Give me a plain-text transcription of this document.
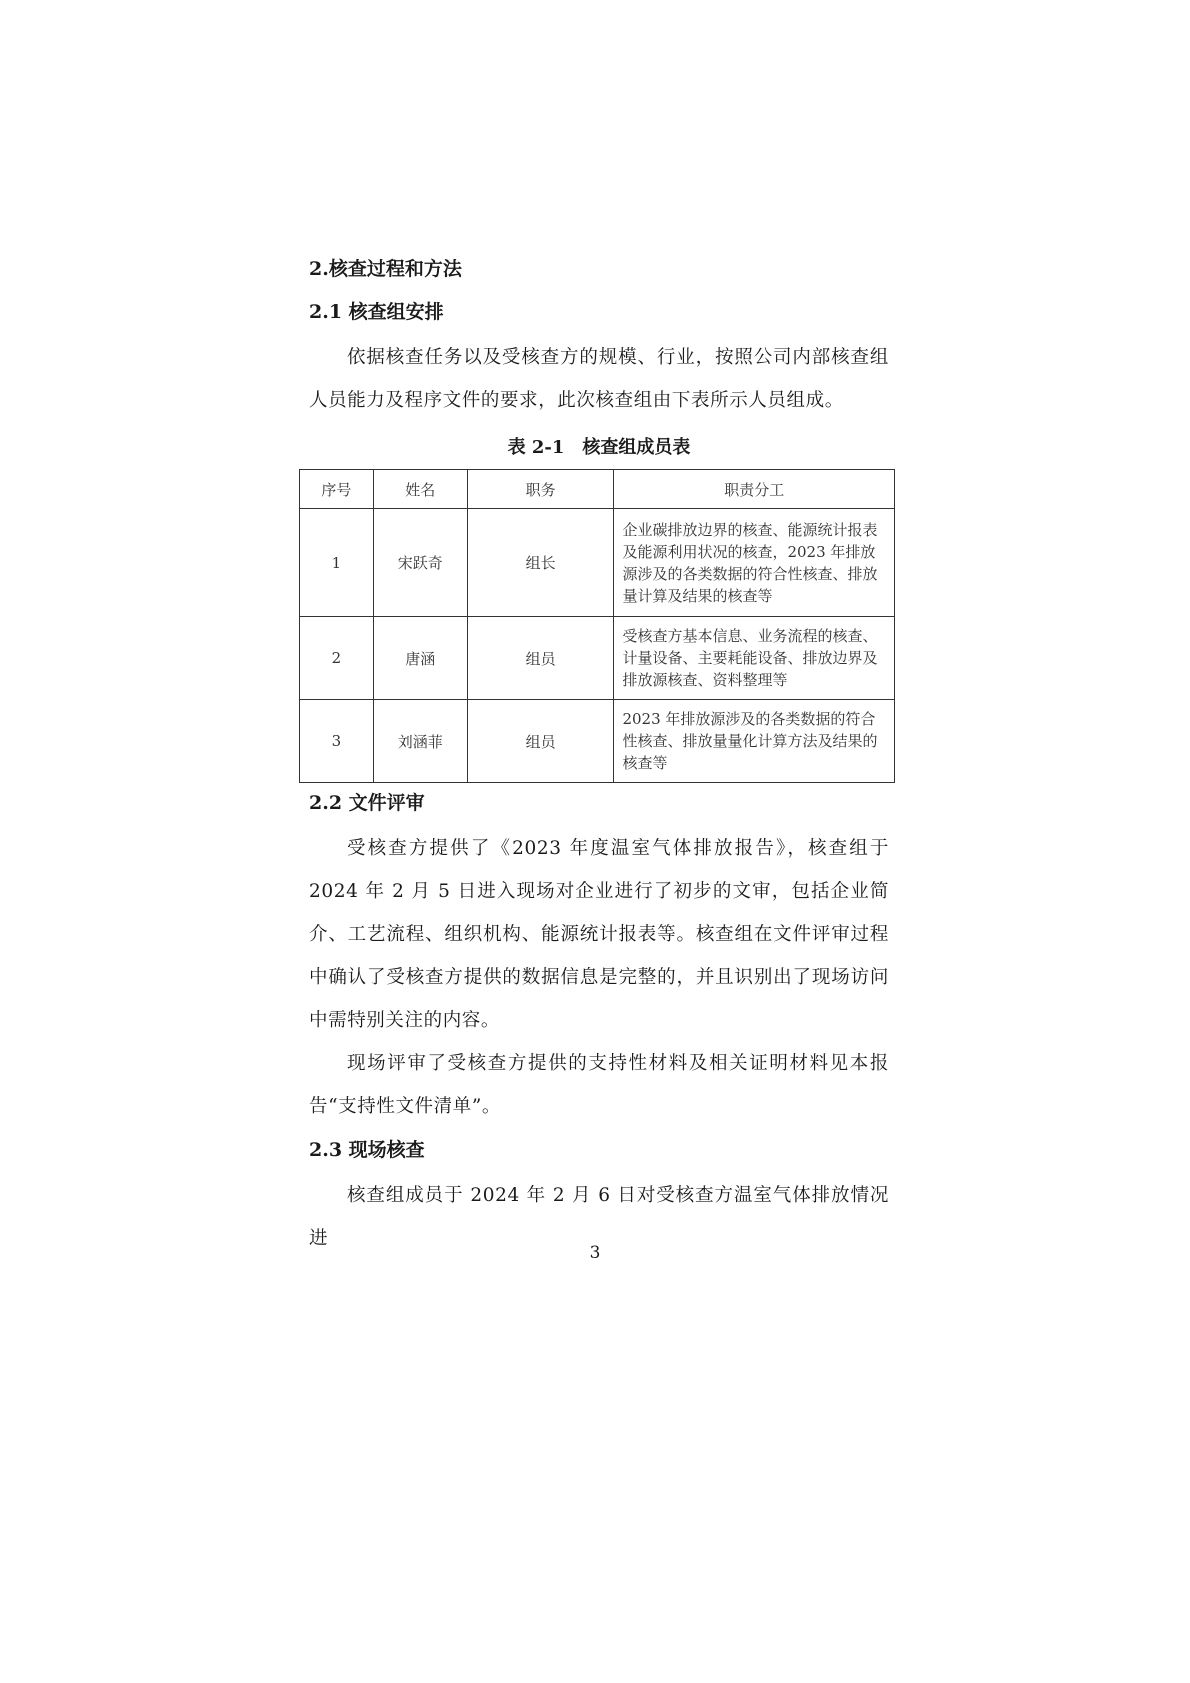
2.核查过程和方法

2.1 核查组安排

依据核查任务以及受核查方的规模、行业，按照公司内部核查组人员能力及程序文件的要求，此次核查组由下表所示人员组成。

表 2-1　核查组成员表
序号	姓名	职务	职责分工
1	宋跃奇	组长	企业碳排放边界的核查、能源统计报表及能源利用状况的核查，2023 年排放源涉及的各类数据的符合性核查、排放量计算及结果的核查等
2	唐涵	组员	受核查方基本信息、业务流程的核查、计量设备、主要耗能设备、排放边界及排放源核查、资料整理等
3	刘涵菲	组员	2023 年排放源涉及的各类数据的符合性核查、排放量量化计算方法及结果的核查等

2.2 文件评审

受核查方提供了《2023 年度温室气体排放报告》，核查组于 2024 年 2 月 5 日进入现场对企业进行了初步的文审，包括企业简介、工艺流程、组织机构、能源统计报表等。核查组在文件评审过程中确认了受核查方提供的数据信息是完整的，并且识别出了现场访问中需特别关注的内容。

现场评审了受核查方提供的支持性材料及相关证明材料见本报告“支持性文件清单”。

2.3 现场核查

核查组成员于 2024 年 2 月 6 日对受核查方温室气体排放情况进

3
